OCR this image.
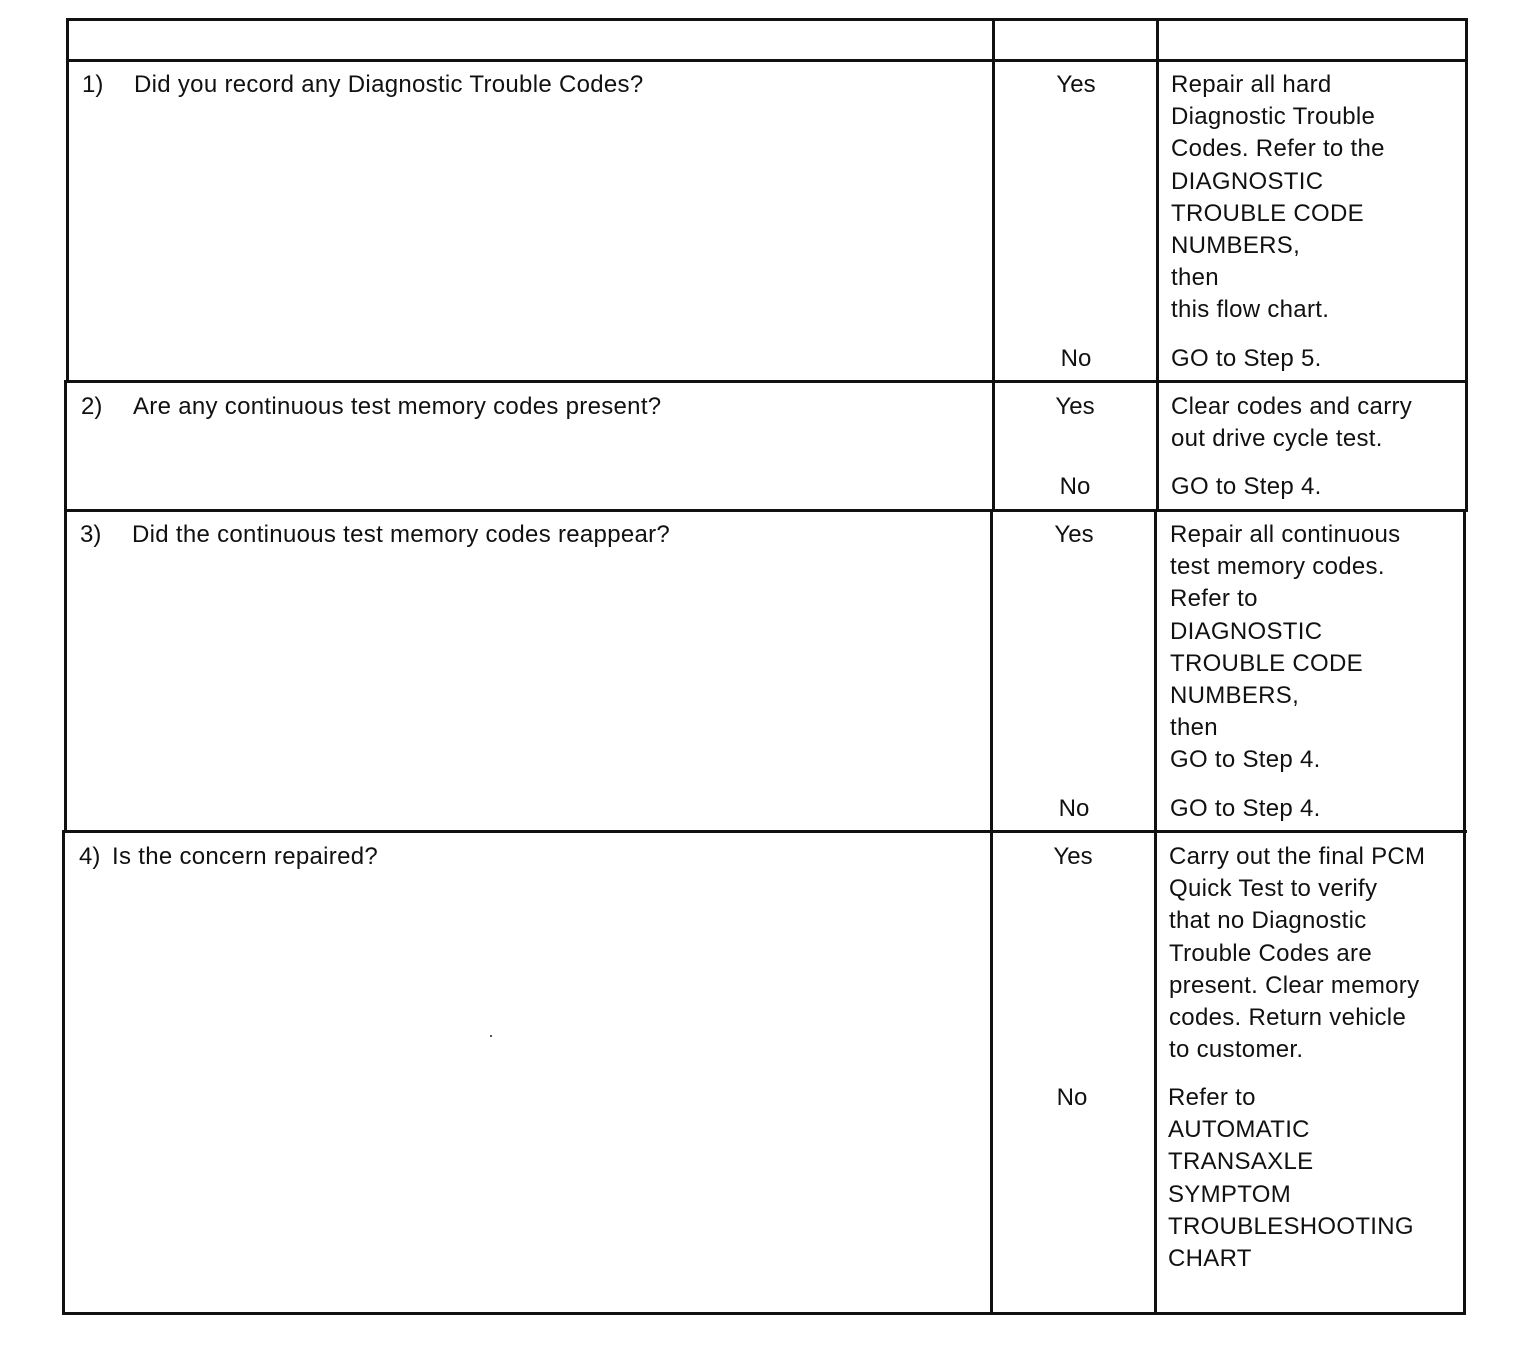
1) Did you record any Diagnostic Trouble Codes?	Yes	Repair all hard
Diagnostic Trouble
Codes. Refer to the
DIAGNOSTIC
TROUBLE CODE
NUMBERS,
then
this flow chart.
No	GO to Step 5.
2) Are any continuous test memory codes present?	Yes	Clear codes and carry
out drive cycle test.
No	GO to Step 4.
3) Did the continuous test memory codes reappear?	Yes	Repair all continuous
test memory codes.
Refer to
DIAGNOSTIC
TROUBLE CODE
NUMBERS,
then
GO to Step 4.
No	GO to Step 4.
4) Is the concern repaired?	Yes	Carry out the final PCM
Quick Test to verify
that no Diagnostic
Trouble Codes are
present. Clear memory
codes. Return vehicle
to customer.
No	Refer to
AUTOMATIC
TRANSAXLE
SYMPTOM
TROUBLESHOOTING
CHART
